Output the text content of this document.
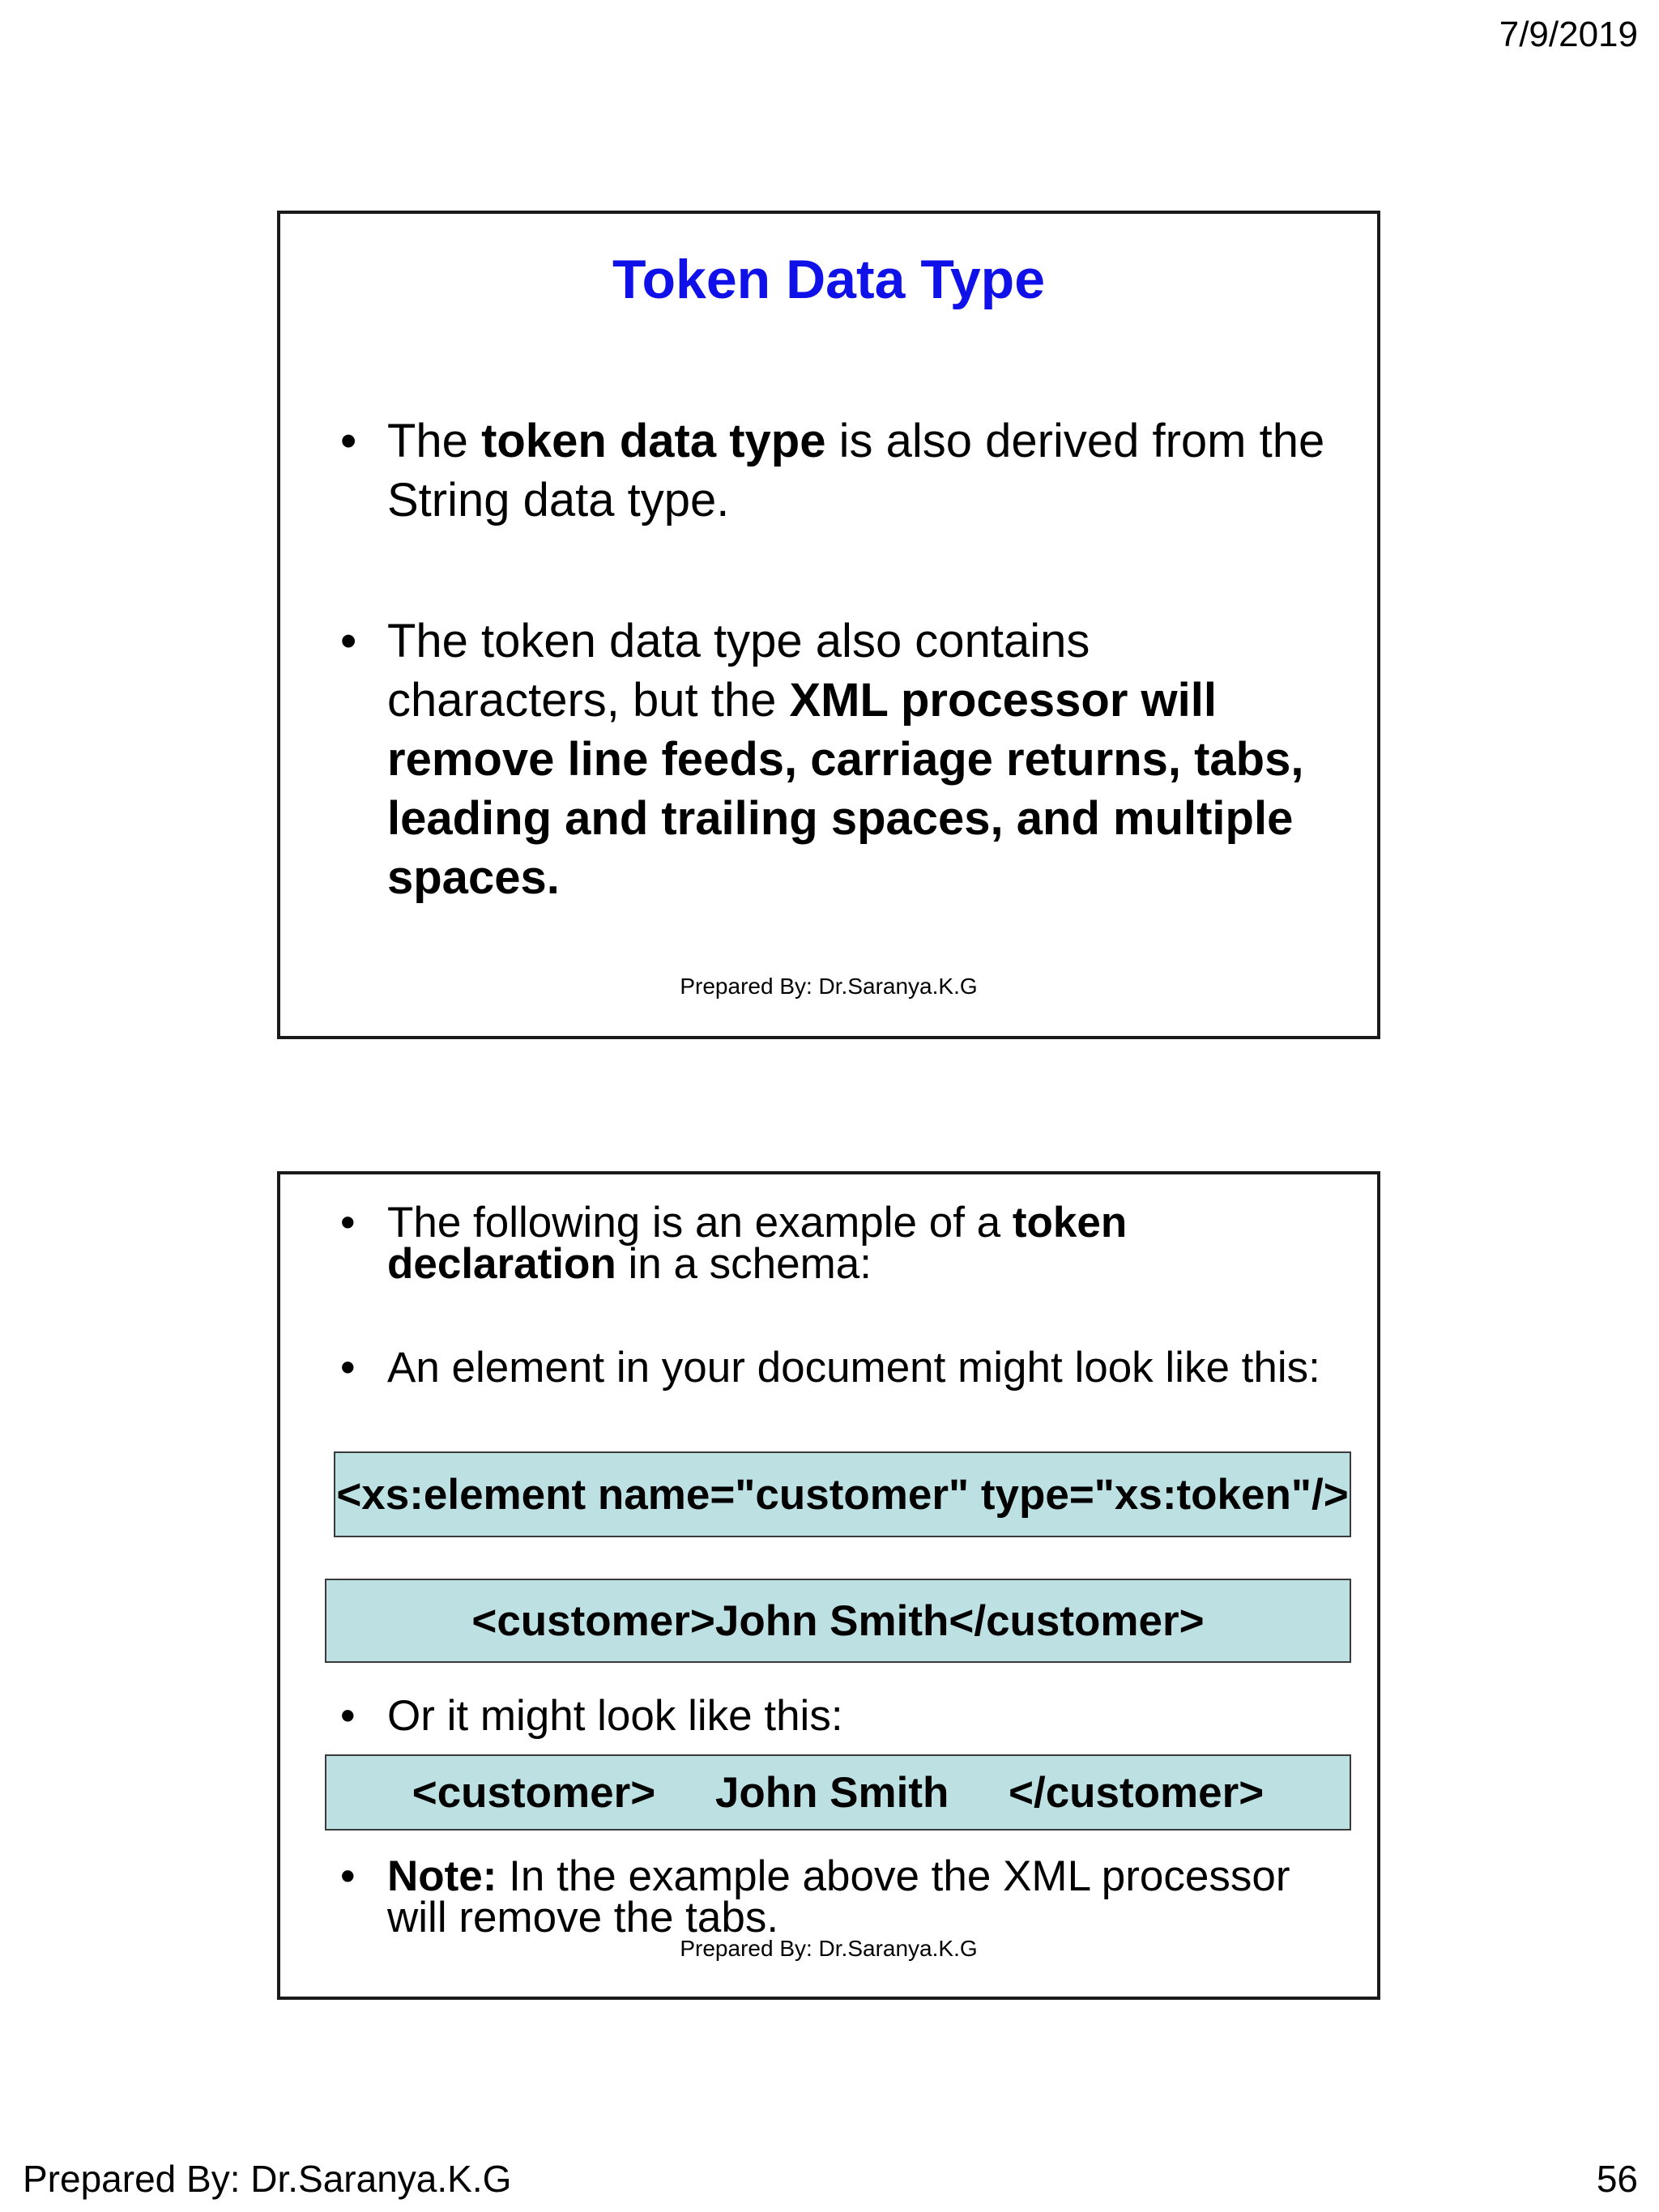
7/9/2019
Token Data Type
• The token data type is also derived from the String data type.
• The token data type also contains characters, but the XML processor will remove line feeds, carriage returns, tabs, leading and trailing spaces, and multiple spaces.
Prepared By: Dr.Saranya.K.G
• The following is an example of a token declaration in a schema:
• An element in your document might look like this:
<xs:element name="customer" type="xs:token"/>
<customer>John Smith</customer>
• Or it might look like this:
<customer>     John Smith     </customer>
• Note: In the example above the XML processor will remove the tabs.
Prepared By: Dr.Saranya.K.G
Prepared By: Dr.Saranya.K.G	56
